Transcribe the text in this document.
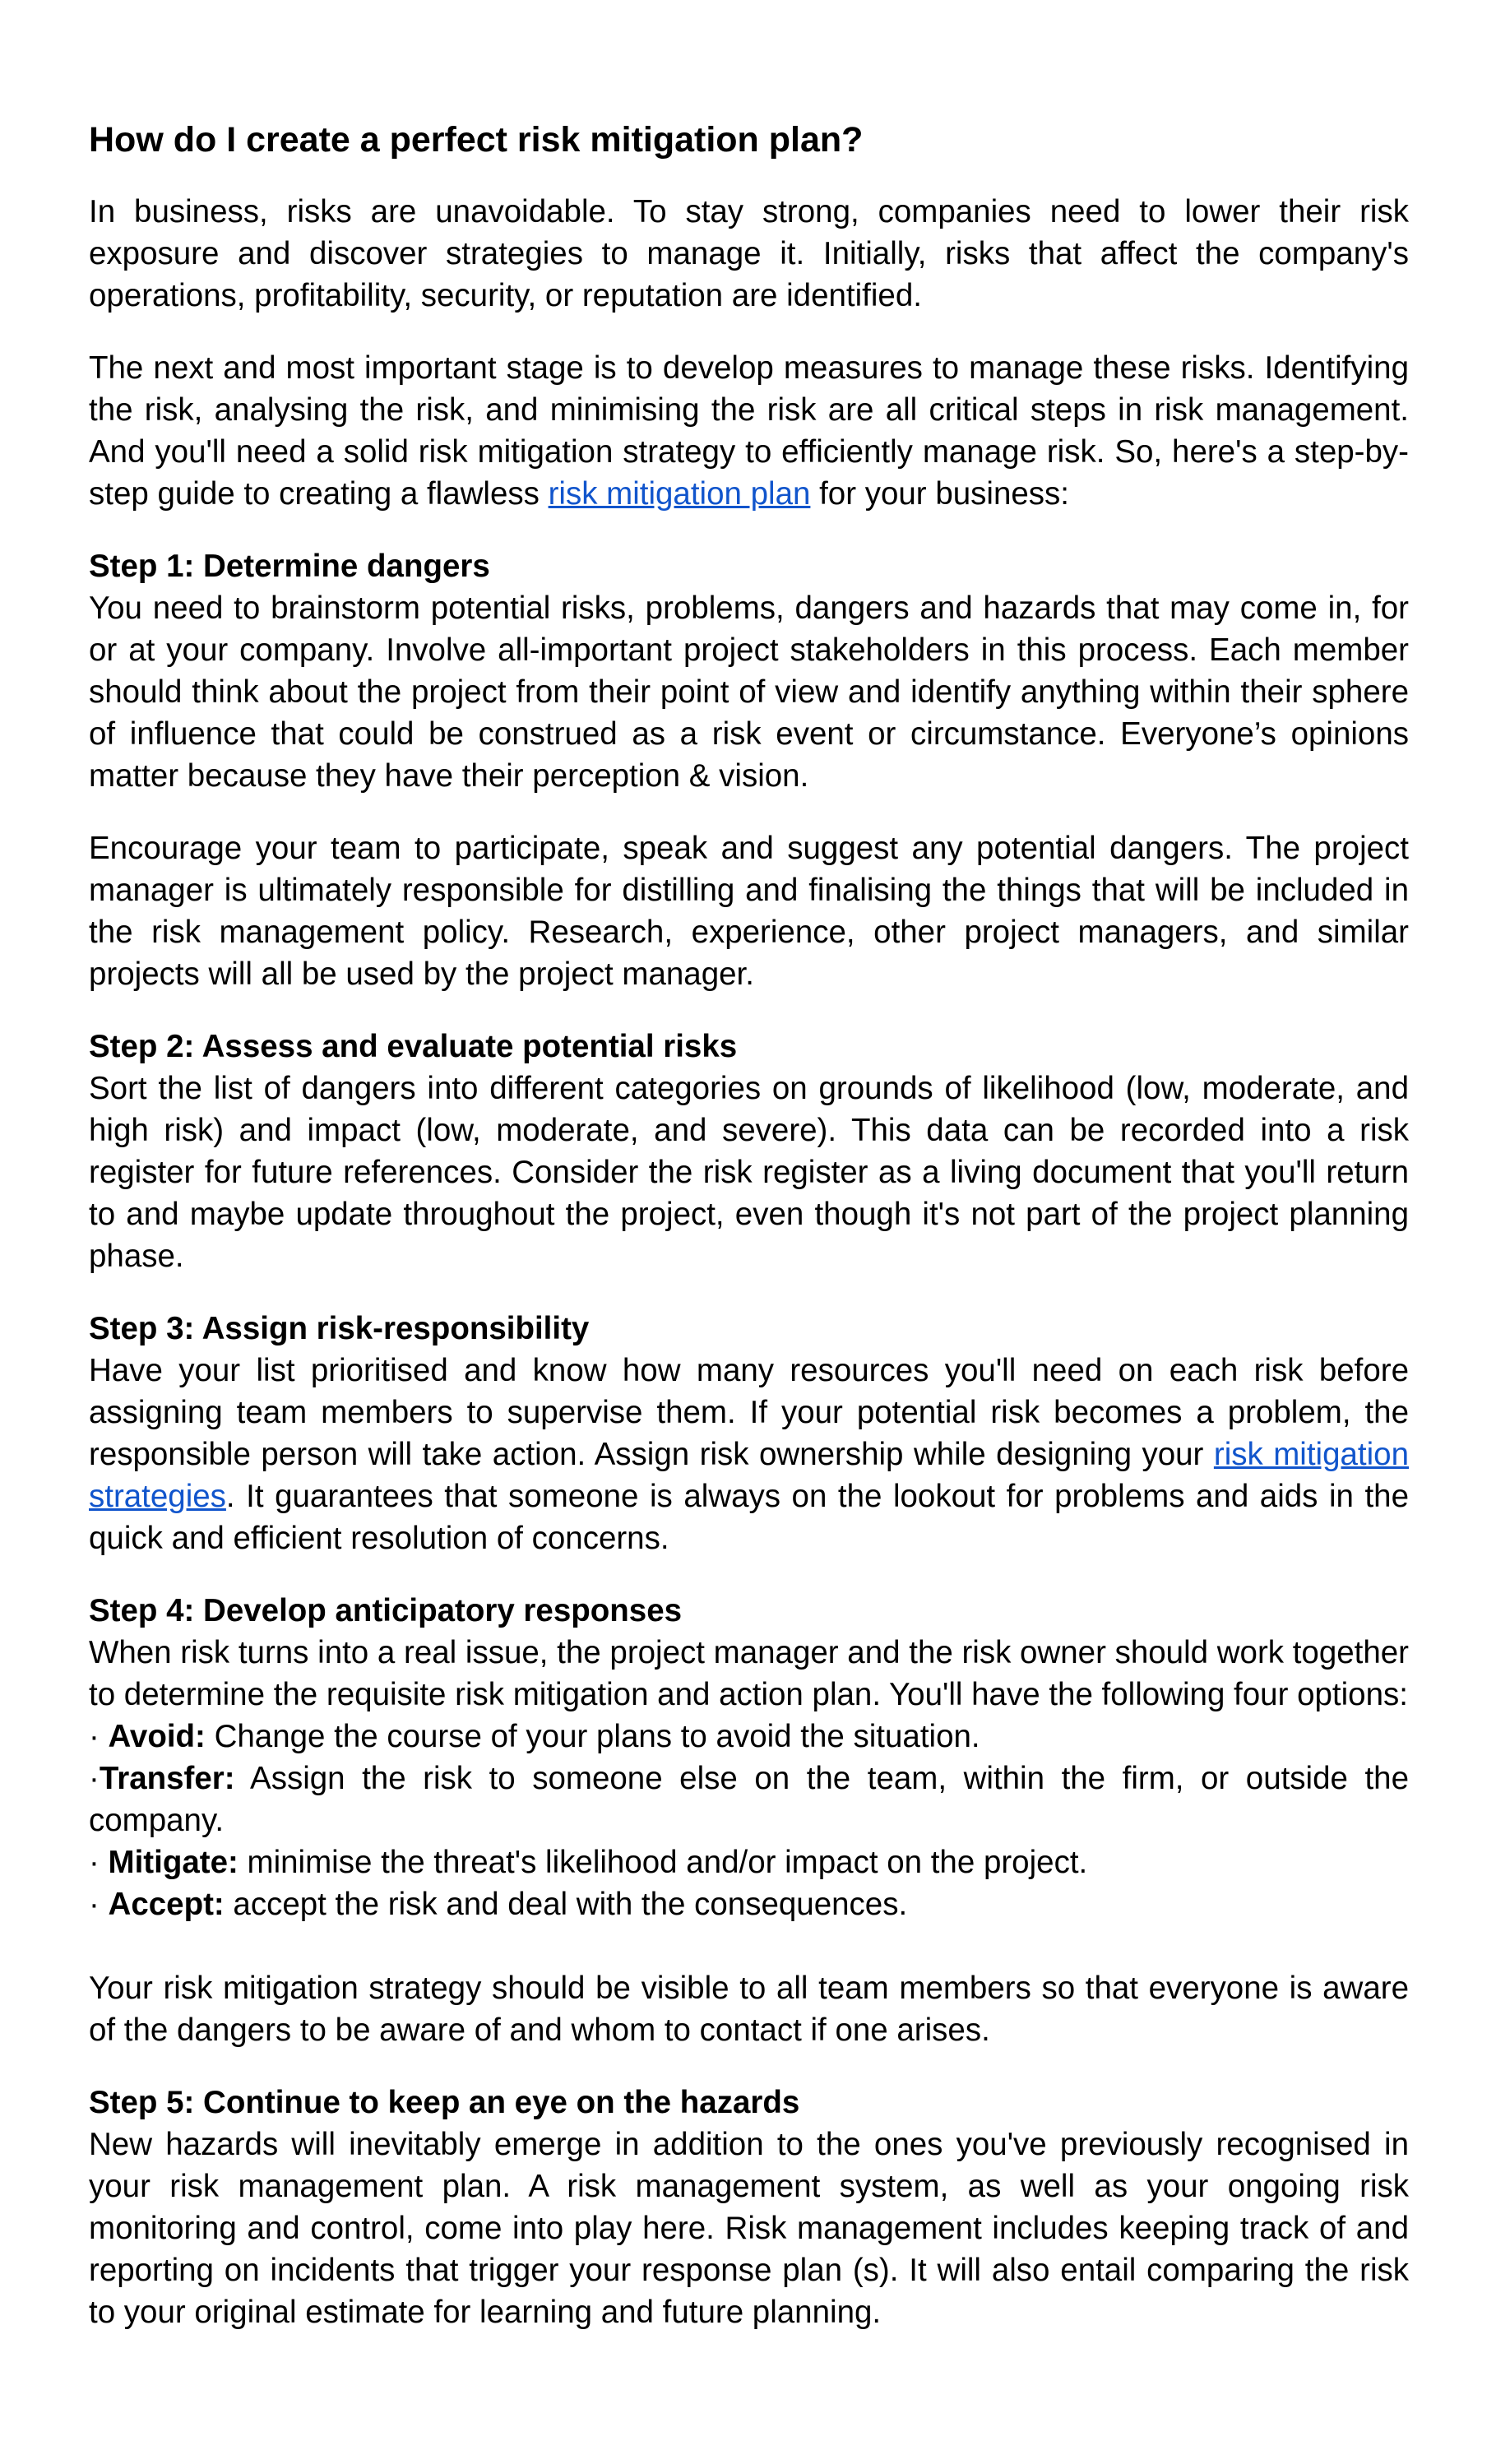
How do I create a perfect risk mitigation plan?

In business, risks are unavoidable. To stay strong, companies need to lower their risk exposure and discover strategies to manage it. Initially, risks that affect the company's operations, profitability, security, or reputation are identified.

The next and most important stage is to develop measures to manage these risks. Identifying the risk, analysing the risk, and minimising the risk are all critical steps in risk management. And you'll need a solid risk mitigation strategy to efficiently manage risk. So, here's a step-by-step guide to creating a flawless risk mitigation plan for your business:

Step 1: Determine dangers
You need to brainstorm potential risks, problems, dangers and hazards that may come in, for or at your company. Involve all-important project stakeholders in this process. Each member should think about the project from their point of view and identify anything within their sphere of influence that could be construed as a risk event or circumstance. Everyone’s opinions matter because they have their perception & vision.

Encourage your team to participate, speak and suggest any potential dangers. The project manager is ultimately responsible for distilling and finalising the things that will be included in the risk management policy. Research, experience, other project managers, and similar projects will all be used by the project manager.

Step 2: Assess and evaluate potential risks
Sort the list of dangers into different categories on grounds of likelihood (low, moderate, and high risk) and impact (low, moderate, and severe). This data can be recorded into a risk register for future references. Consider the risk register as a living document that you'll return to and maybe update throughout the project, even though it's not part of the project planning phase.

Step 3: Assign risk-responsibility
Have your list prioritised and know how many resources you'll need on each risk before assigning team members to supervise them. If your potential risk becomes a problem, the responsible person will take action. Assign risk ownership while designing your risk mitigation strategies. It guarantees that someone is always on the lookout for problems and aids in the quick and efficient resolution of concerns.

Step 4: Develop anticipatory responses
When risk turns into a real issue, the project manager and the risk owner should work together to determine the requisite risk mitigation and action plan. You'll have the following four options:

· Avoid: Change the course of your plans to avoid the situation.

·Transfer: Assign the risk to someone else on the team, within the firm, or outside the company.

· Mitigate: minimise the threat's likelihood and/or impact on the project.

· Accept: accept the risk and deal with the consequences.

Your risk mitigation strategy should be visible to all team members so that everyone is aware of the dangers to be aware of and whom to contact if one arises.

Step 5: Continue to keep an eye on the hazards
New hazards will inevitably emerge in addition to the ones you've previously recognised in your risk management plan. A risk management system, as well as your ongoing risk monitoring and control, come into play here. Risk management includes keeping track of and reporting on incidents that trigger your response plan (s). It will also entail comparing the risk to your original estimate for learning and future planning.
